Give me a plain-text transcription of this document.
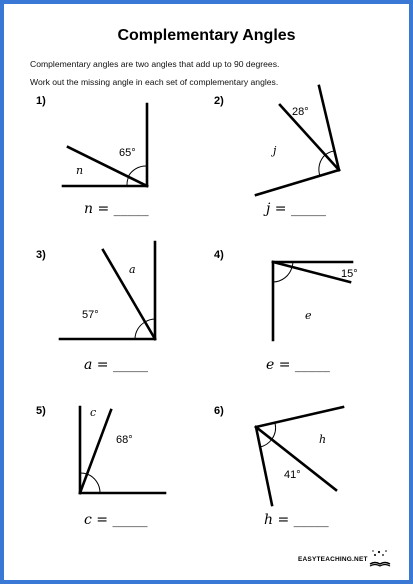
Complementary Angles
Complementary angles are two angles that add up to 90 degrees.
Work out the missing angle in each set of complementary angles.
1)	2)
3)	4)
5)	6)
65°
n
28°
j
57°
a	15°
e
68°
c
41°
h
n = _____	j = _____
a = _____	e = _____
c = _____	h = _____
EASYTEACHING.NET
